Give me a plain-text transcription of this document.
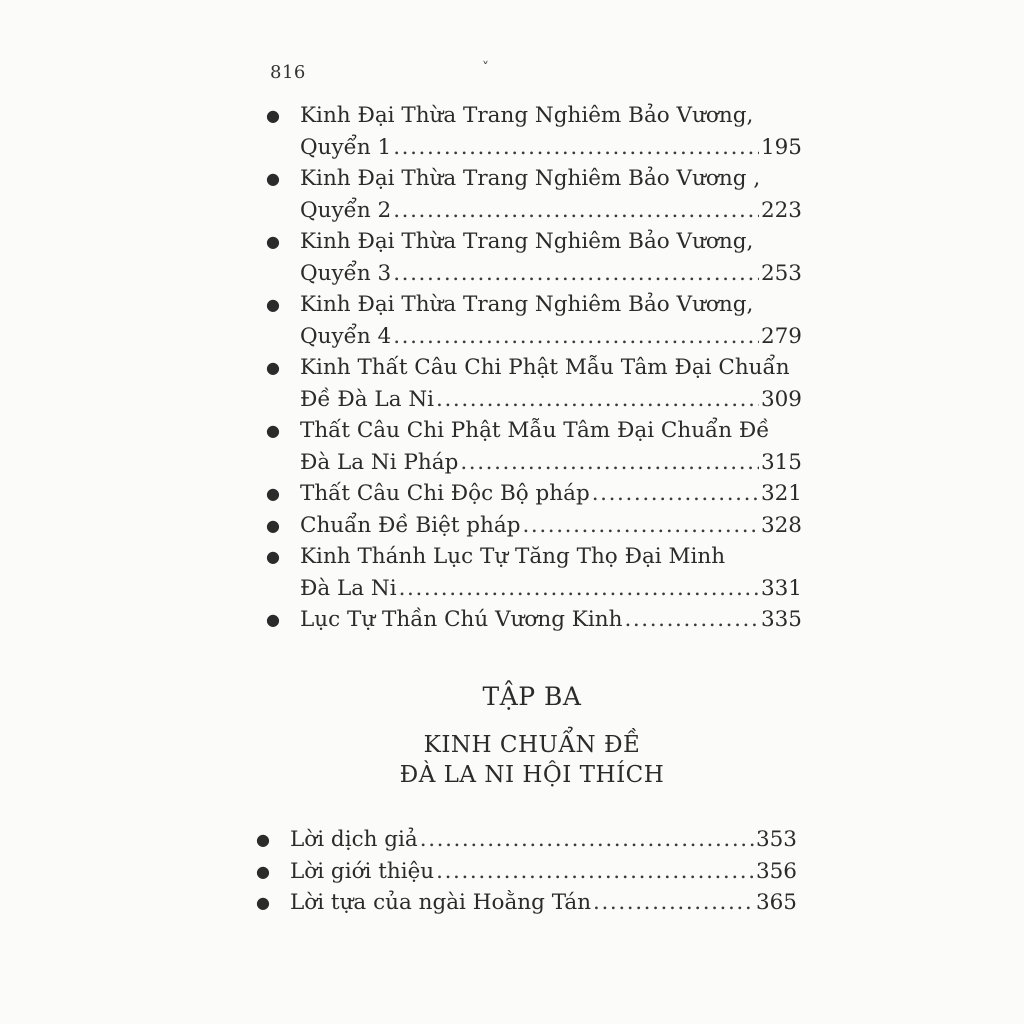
816	˅
● Kinh Đại Thừa Trang Nghiêm Bảo Vương,
Quyển 1 .....	195
● Kinh Đại Thừa Trang Nghiêm Bảo Vương ,
Quyển 2 .....	223
● Kinh Đại Thừa Trang Nghiêm Bảo Vương,
Quyển 3 .....	253
● Kinh Đại Thừa Trang Nghiêm Bảo Vương,
Quyển 4 .....	279
● Kinh Thất Câu Chi Phật Mẫu Tâm Đại Chuẩn
Đề Đà La Ni .....	309
● Thất Câu Chi Phật Mẫu Tâm Đại Chuẩn Đề
Đà La Ni Pháp .....	315
● Thất Câu Chi Độc Bộ pháp .....	321
● Chuẩn Đề Biệt pháp .....	328
● Kinh Thánh Lục Tự Tăng Thọ Đại Minh
Đà La Ni .....	331
● Lục Tự Thần Chú Vương Kinh .....	335
TẬP BA
KINH CHUẨN ĐỀ
ĐÀ LA NI HỘI THÍCH
● Lời dịch giả .....	353
● Lời giới thiệu .....	356
● Lời tựa của ngài Hoằng Tán .....	365
